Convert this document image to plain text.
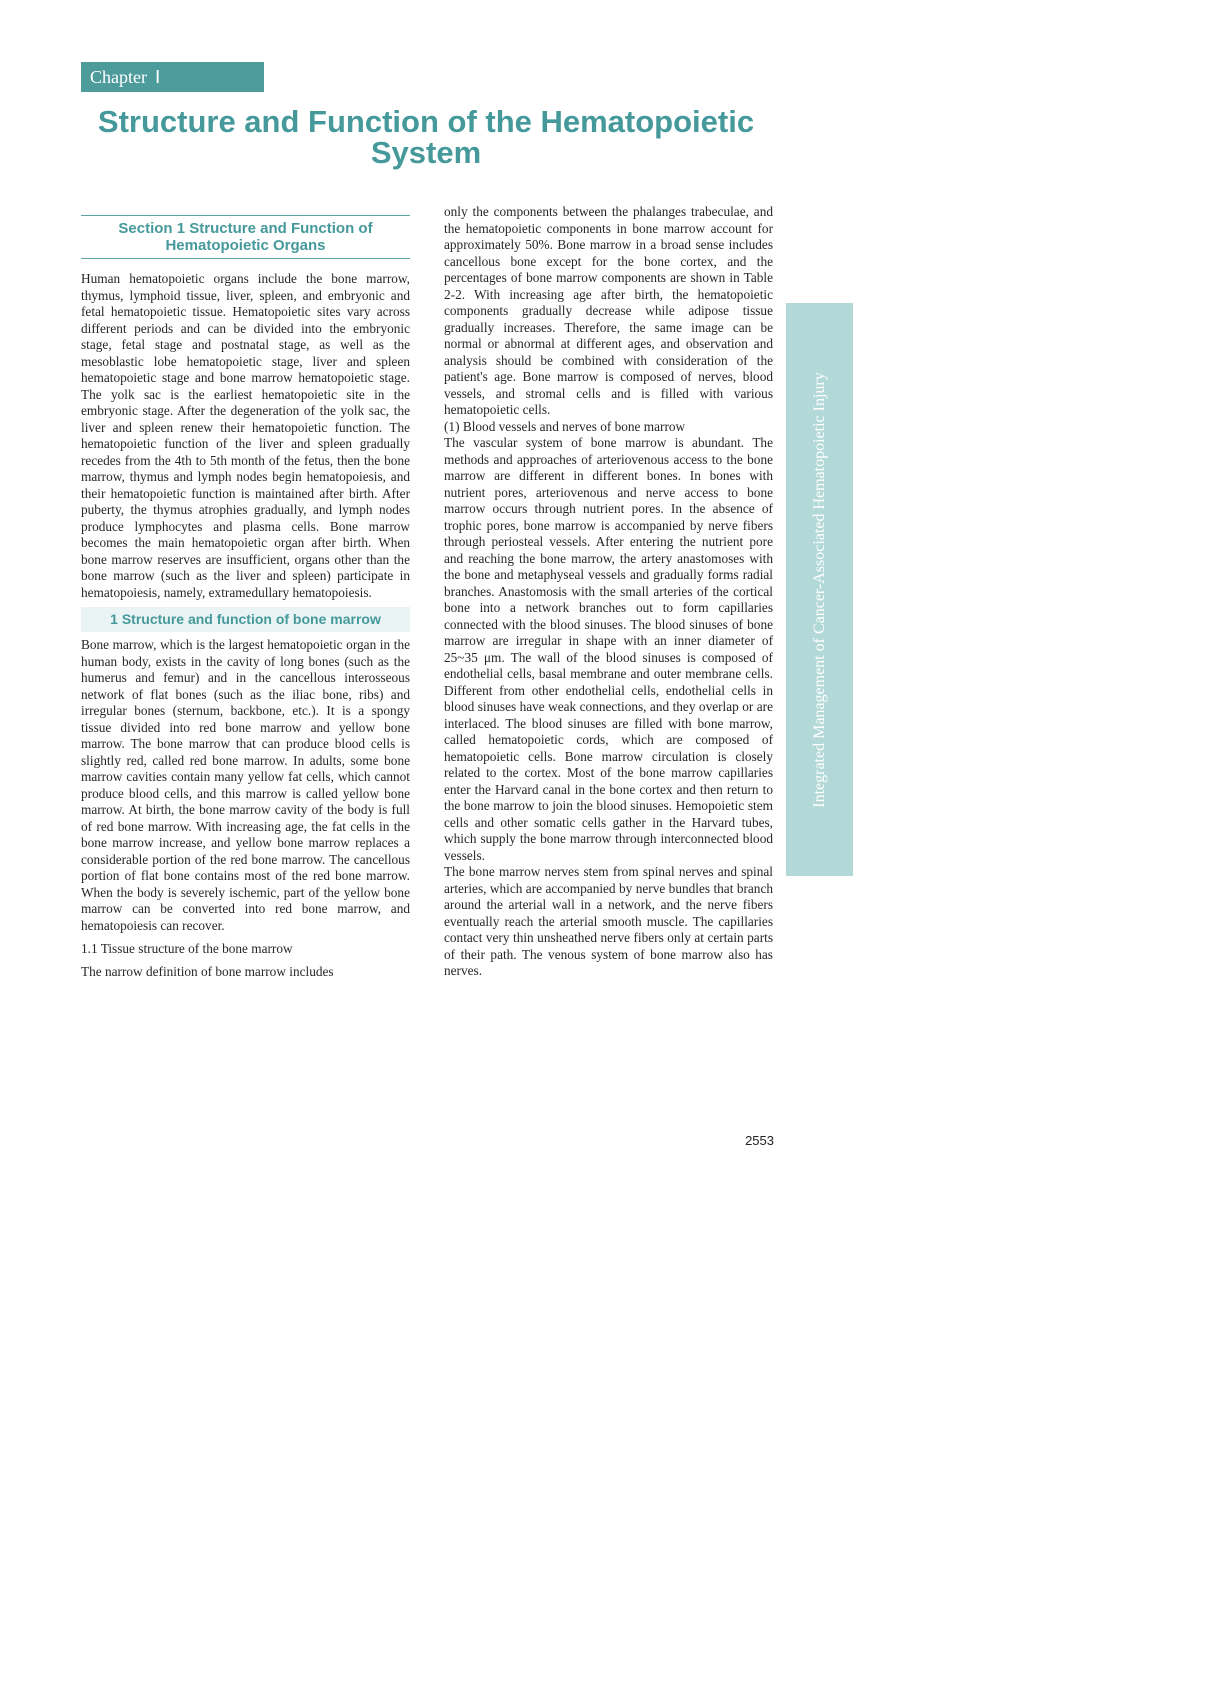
Chapter Ⅰ
Structure and Function of the Hematopoietic
System
Section 1 Structure and Function of
Hematopoietic Organs

Human hematopoietic organs include the bone marrow, thymus, lymphoid tissue, liver, spleen, and embryonic and fetal hematopoietic tissue. Hematopoietic sites vary across different periods and can be divided into the embryonic stage, fetal stage and postnatal stage, as well as the mesoblastic lobe hematopoietic stage, liver and spleen hematopoietic stage and bone marrow hematopoietic stage. The yolk sac is the earliest hematopoietic site in the embryonic stage. After the degeneration of the yolk sac, the liver and spleen renew their hematopoietic function. The hematopoietic function of the liver and spleen gradually recedes from the 4th to 5th month of the fetus, then the bone marrow, thymus and lymph nodes begin hematopoiesis, and their hematopoietic function is maintained after birth. After puberty, the thymus atrophies gradually, and lymph nodes produce lymphocytes and plasma cells. Bone marrow becomes the main hematopoietic organ after birth. When bone marrow reserves are insufficient, organs other than the bone marrow (such as the liver and spleen) participate in hematopoiesis, namely, extramedullary hematopoiesis.

1 Structure and function of bone marrow

Bone marrow, which is the largest hematopoietic organ in the human body, exists in the cavity of long bones (such as the humerus and femur) and in the cancellous interosseous network of flat bones (such as the iliac bone, ribs) and irregular bones (sternum, backbone, etc.). It is a spongy tissue divided into red bone marrow and yellow bone marrow. The bone marrow that can produce blood cells is slightly red, called red bone marrow. In adults, some bone marrow cavities contain many yellow fat cells, which cannot produce blood cells, and this marrow is called yellow bone marrow. At birth, the bone marrow cavity of the body is full of red bone marrow. With increasing age, the fat cells in the bone marrow increase, and yellow bone marrow replaces a considerable portion of the red bone marrow. The cancellous portion of flat bone contains most of the red bone marrow. When the body is severely ischemic, part of the yellow bone marrow can be converted into red bone marrow, and hematopoiesis can recover.

1.1 Tissue structure of the bone marrow

The narrow definition of bone marrow includes

only the components between the phalanges trabeculae, and the hematopoietic components in bone marrow account for approximately 50%. Bone marrow in a broad sense includes cancellous bone except for the bone cortex, and the percentages of bone marrow components are shown in Table 2-2. With increasing age after birth, the hematopoietic components gradually decrease while adipose tissue gradually increases. Therefore, the same image can be normal or abnormal at different ages, and observation and analysis should be combined with consideration of the patient's age. Bone marrow is composed of nerves, blood vessels, and stromal cells and is filled with various hematopoietic cells.

(1) Blood vessels and nerves of bone marrow

The vascular system of bone marrow is abundant. The methods and approaches of arteriovenous access to the bone marrow are different in different bones. In bones with nutrient pores, arteriovenous and nerve access to bone marrow occurs through nutrient pores. In the absence of trophic pores, bone marrow is accompanied by nerve fibers through periosteal vessels. After entering the nutrient pore and reaching the bone marrow, the artery anastomoses with the bone and metaphyseal vessels and gradually forms radial branches. Anastomosis with the small arteries of the cortical bone into a network branches out to form capillaries connected with the blood sinuses. The blood sinuses of bone marrow are irregular in shape with an inner diameter of 25~35 μm. The wall of the blood sinuses is composed of endothelial cells, basal membrane and outer membrane cells. Different from other endothelial cells, endothelial cells in blood sinuses have weak connections, and they overlap or are interlaced. The blood sinuses are filled with bone marrow, called hematopoietic cords, which are composed of hematopoietic cells. Bone marrow circulation is closely related to the cortex. Most of the bone marrow capillaries enter the Harvard canal in the bone cortex and then return to the bone marrow to join the blood sinuses. Hemopoietic stem cells and other somatic cells gather in the Harvard tubes, which supply the bone marrow through interconnected blood vessels.

The bone marrow nerves stem from spinal nerves and spinal arteries, which are accompanied by nerve bundles that branch around the arterial wall in a network, and the nerve fibers eventually reach the arterial smooth muscle. The capillaries contact very thin unsheathed nerve fibers only at certain parts of their path. The venous system of bone marrow also has nerves.

Integrated Management of Cancer-Associated Hematopoietic Injury
2553
